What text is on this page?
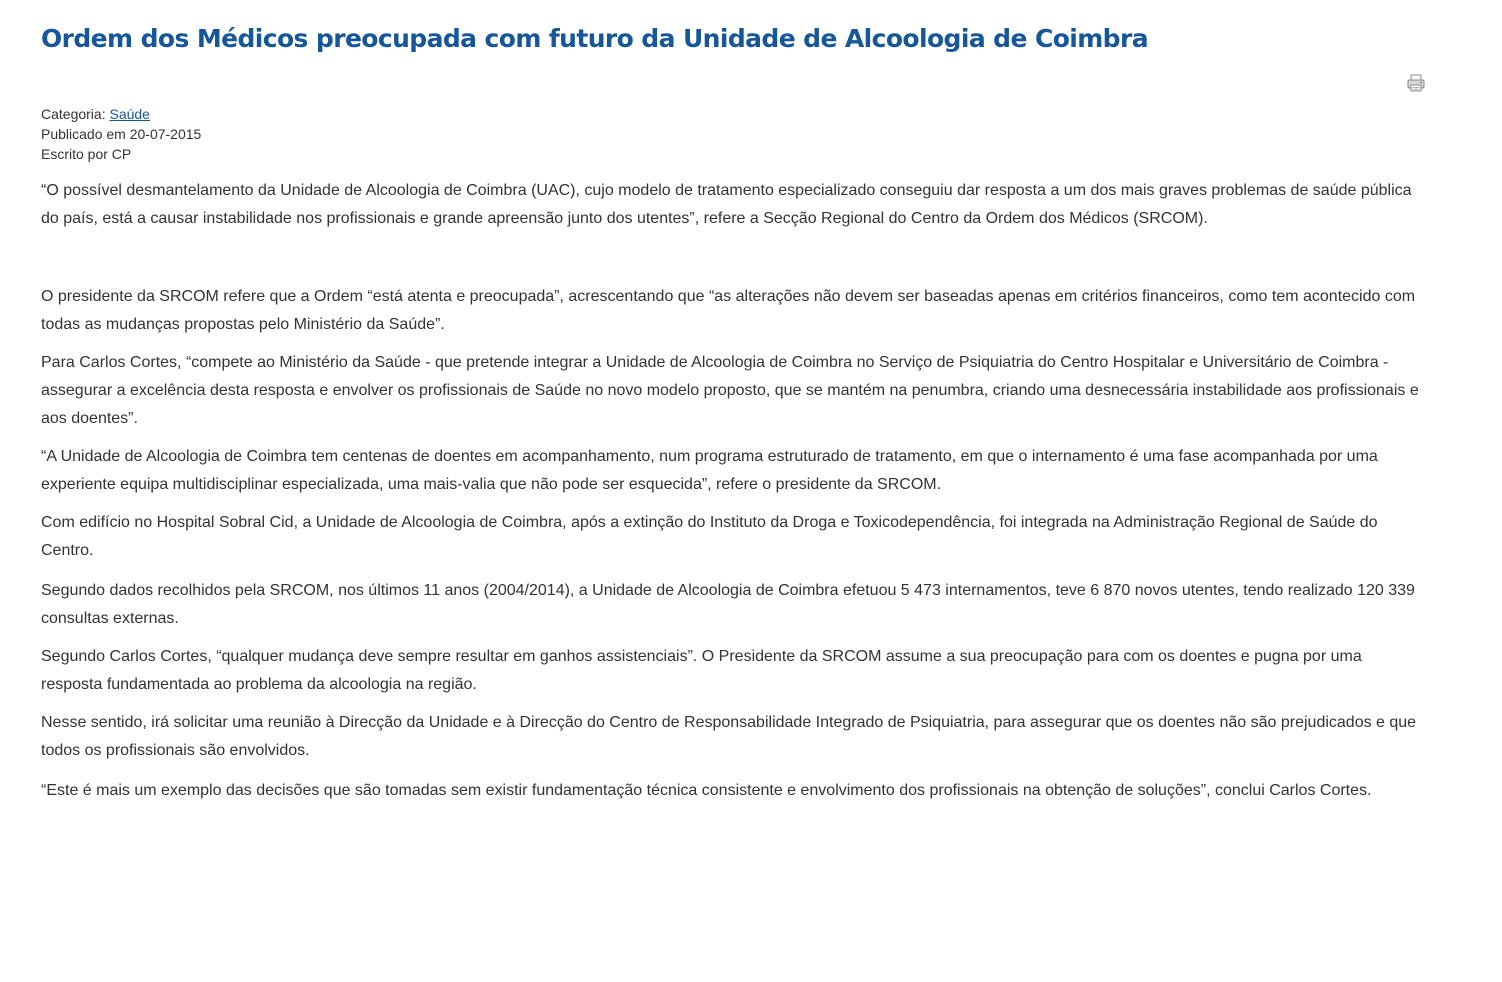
Ordem dos Médicos preocupada com futuro da Unidade de Alcoologia de Coimbra
Categoria: Saúde
Publicado em 20-07-2015
Escrito por CP

“O possível desmantelamento da Unidade de Alcoologia de Coimbra (UAC), cujo modelo de tratamento especializado conseguiu dar resposta a um dos mais graves problemas de saúde pública do país, está a causar instabilidade nos profissionais e grande apreensão junto dos utentes”, refere a Secção Regional do Centro da Ordem dos Médicos (SRCOM).

O presidente da SRCOM refere que a Ordem “está atenta e preocupada”, acrescentando que “as alterações não devem ser baseadas apenas em critérios financeiros, como tem acontecido com todas as mudanças propostas pelo Ministério da Saúde”.

Para Carlos Cortes, “compete ao Ministério da Saúde - que pretende integrar a Unidade de Alcoologia de Coimbra no Serviço de Psiquiatria do Centro Hospitalar e Universitário de Coimbra - assegurar a excelência desta resposta e envolver os profissionais de Saúde no novo modelo proposto, que se mantém na penumbra, criando uma desnecessária instabilidade aos profissionais e aos doentes”.

“A Unidade de Alcoologia de Coimbra tem centenas de doentes em acompanhamento, num programa estruturado de tratamento, em que o internamento é uma fase acompanhada por uma experiente equipa multidisciplinar especializada, uma mais-valia que não pode ser esquecida”, refere o presidente da SRCOM.

Com edifício no Hospital Sobral Cid, a Unidade de Alcoologia de Coimbra, após a extinção do Instituto da Droga e Toxicodependência, foi integrada na Administração Regional de Saúde do Centro.

Segundo dados recolhidos pela SRCOM, nos últimos 11 anos (2004/2014), a Unidade de Alcoologia de Coimbra efetuou 5 473 internamentos, teve 6 870 novos utentes, tendo realizado 120 339 consultas externas.

Segundo Carlos Cortes, “qualquer mudança deve sempre resultar em ganhos assistenciais”. O Presidente da SRCOM assume a sua preocupação para com os doentes e pugna por uma resposta fundamentada ao problema da alcoologia na região.

Nesse sentido, irá solicitar uma reunião à Direcção da Unidade e à Direcção do Centro de Responsabilidade Integrado de Psiquiatria, para assegurar que os doentes não são prejudicados e que todos os profissionais são envolvidos.

“Este é mais um exemplo das decisões que são tomadas sem existir fundamentação técnica consistente e envolvimento dos profissionais na obtenção de soluções”, conclui Carlos Cortes.
